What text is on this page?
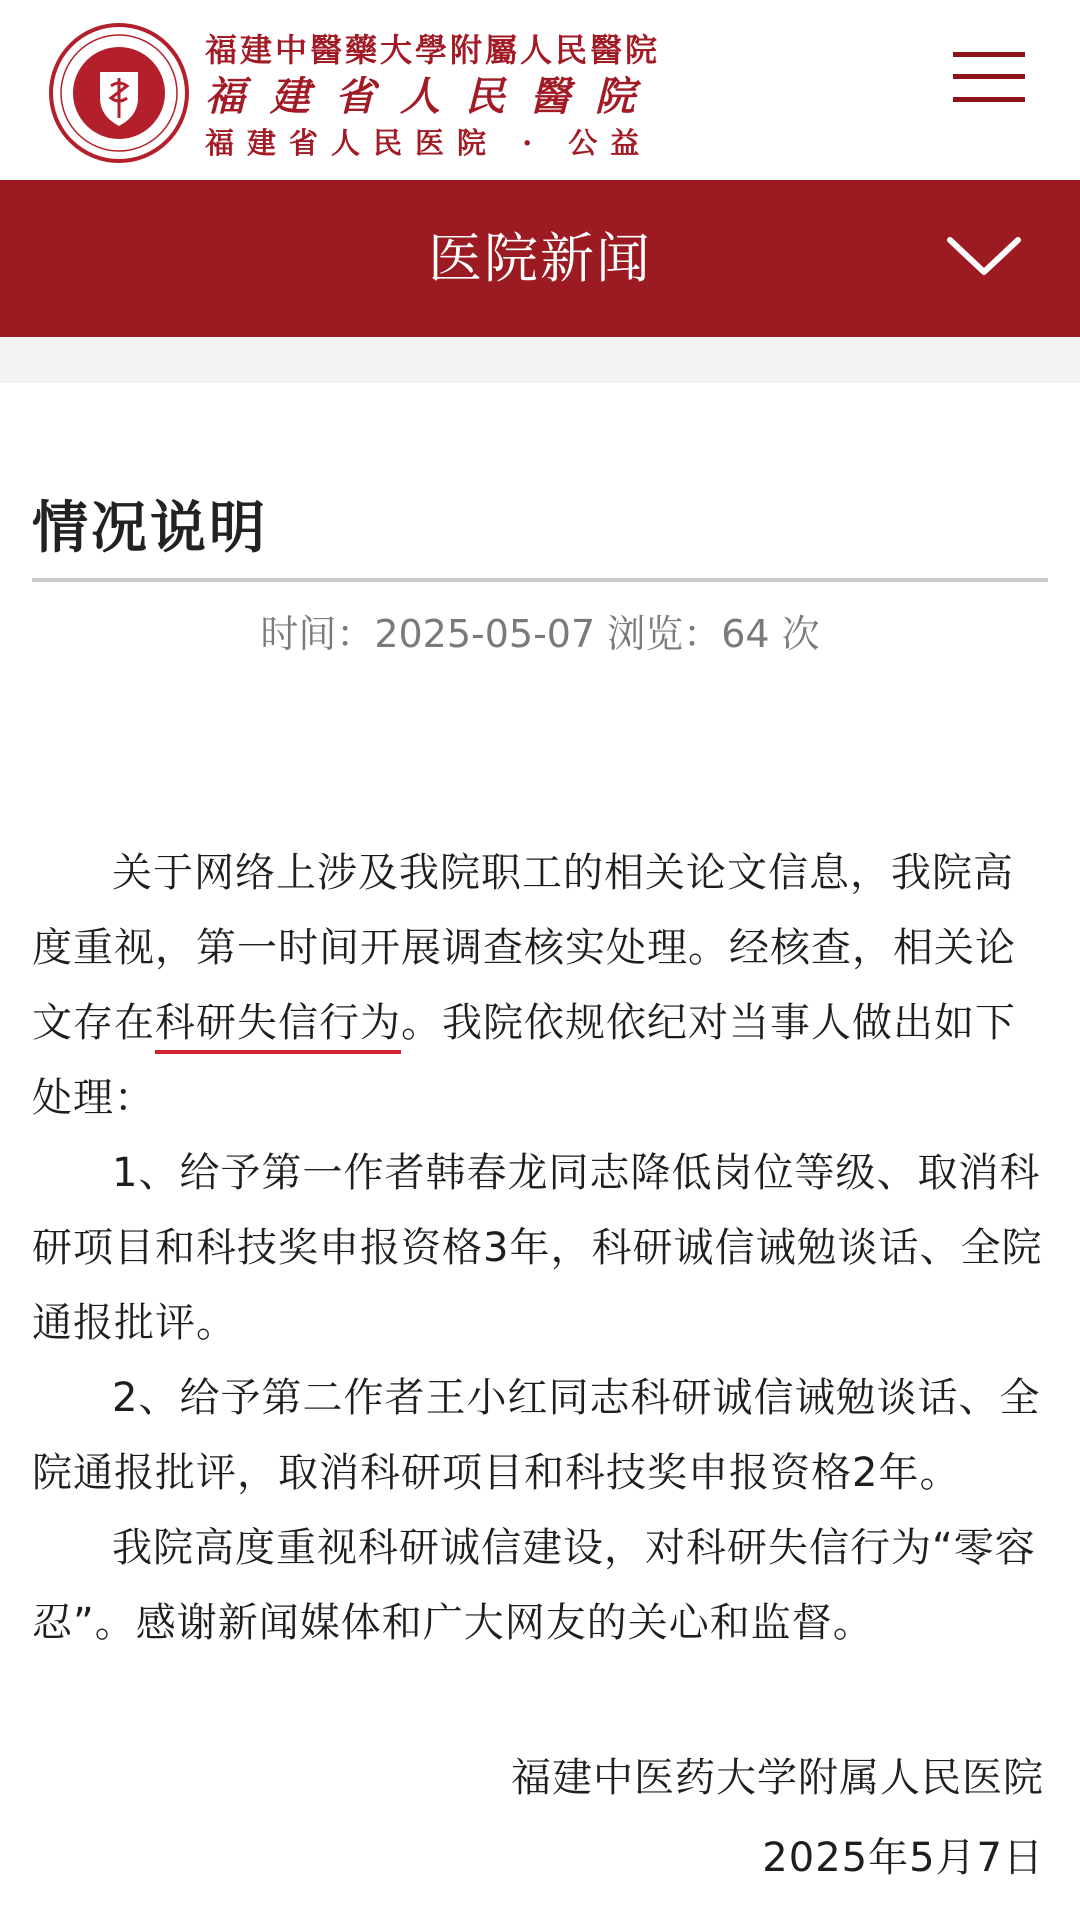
福建中醫藥大學附屬人民醫院
福建省人民醫院
福建省人民医院 · 公益
医院新闻
情况说明
时间：2025-05-07 浏览：64 次

关于网络上涉及我院职工的相关论文信息，我院高度重视，第一时间开展调查核实处理。经核查，相关论文存在科研失信行为。我院依规依纪对当事人做出如下处理：

1、给予第一作者韩春龙同志降低岗位等级、取消科研项目和科技奖申报资格3年，科研诚信诫勉谈话、全院通报批评。

2、给予第二作者王小红同志科研诚信诫勉谈话、全院通报批评，取消科研项目和科技奖申报资格2年。

我院高度重视科研诚信建设，对科研失信行为“零容忍”。感谢新闻媒体和广大网友的关心和监督。

福建中医药大学附属人民医院
2025年5月7日
